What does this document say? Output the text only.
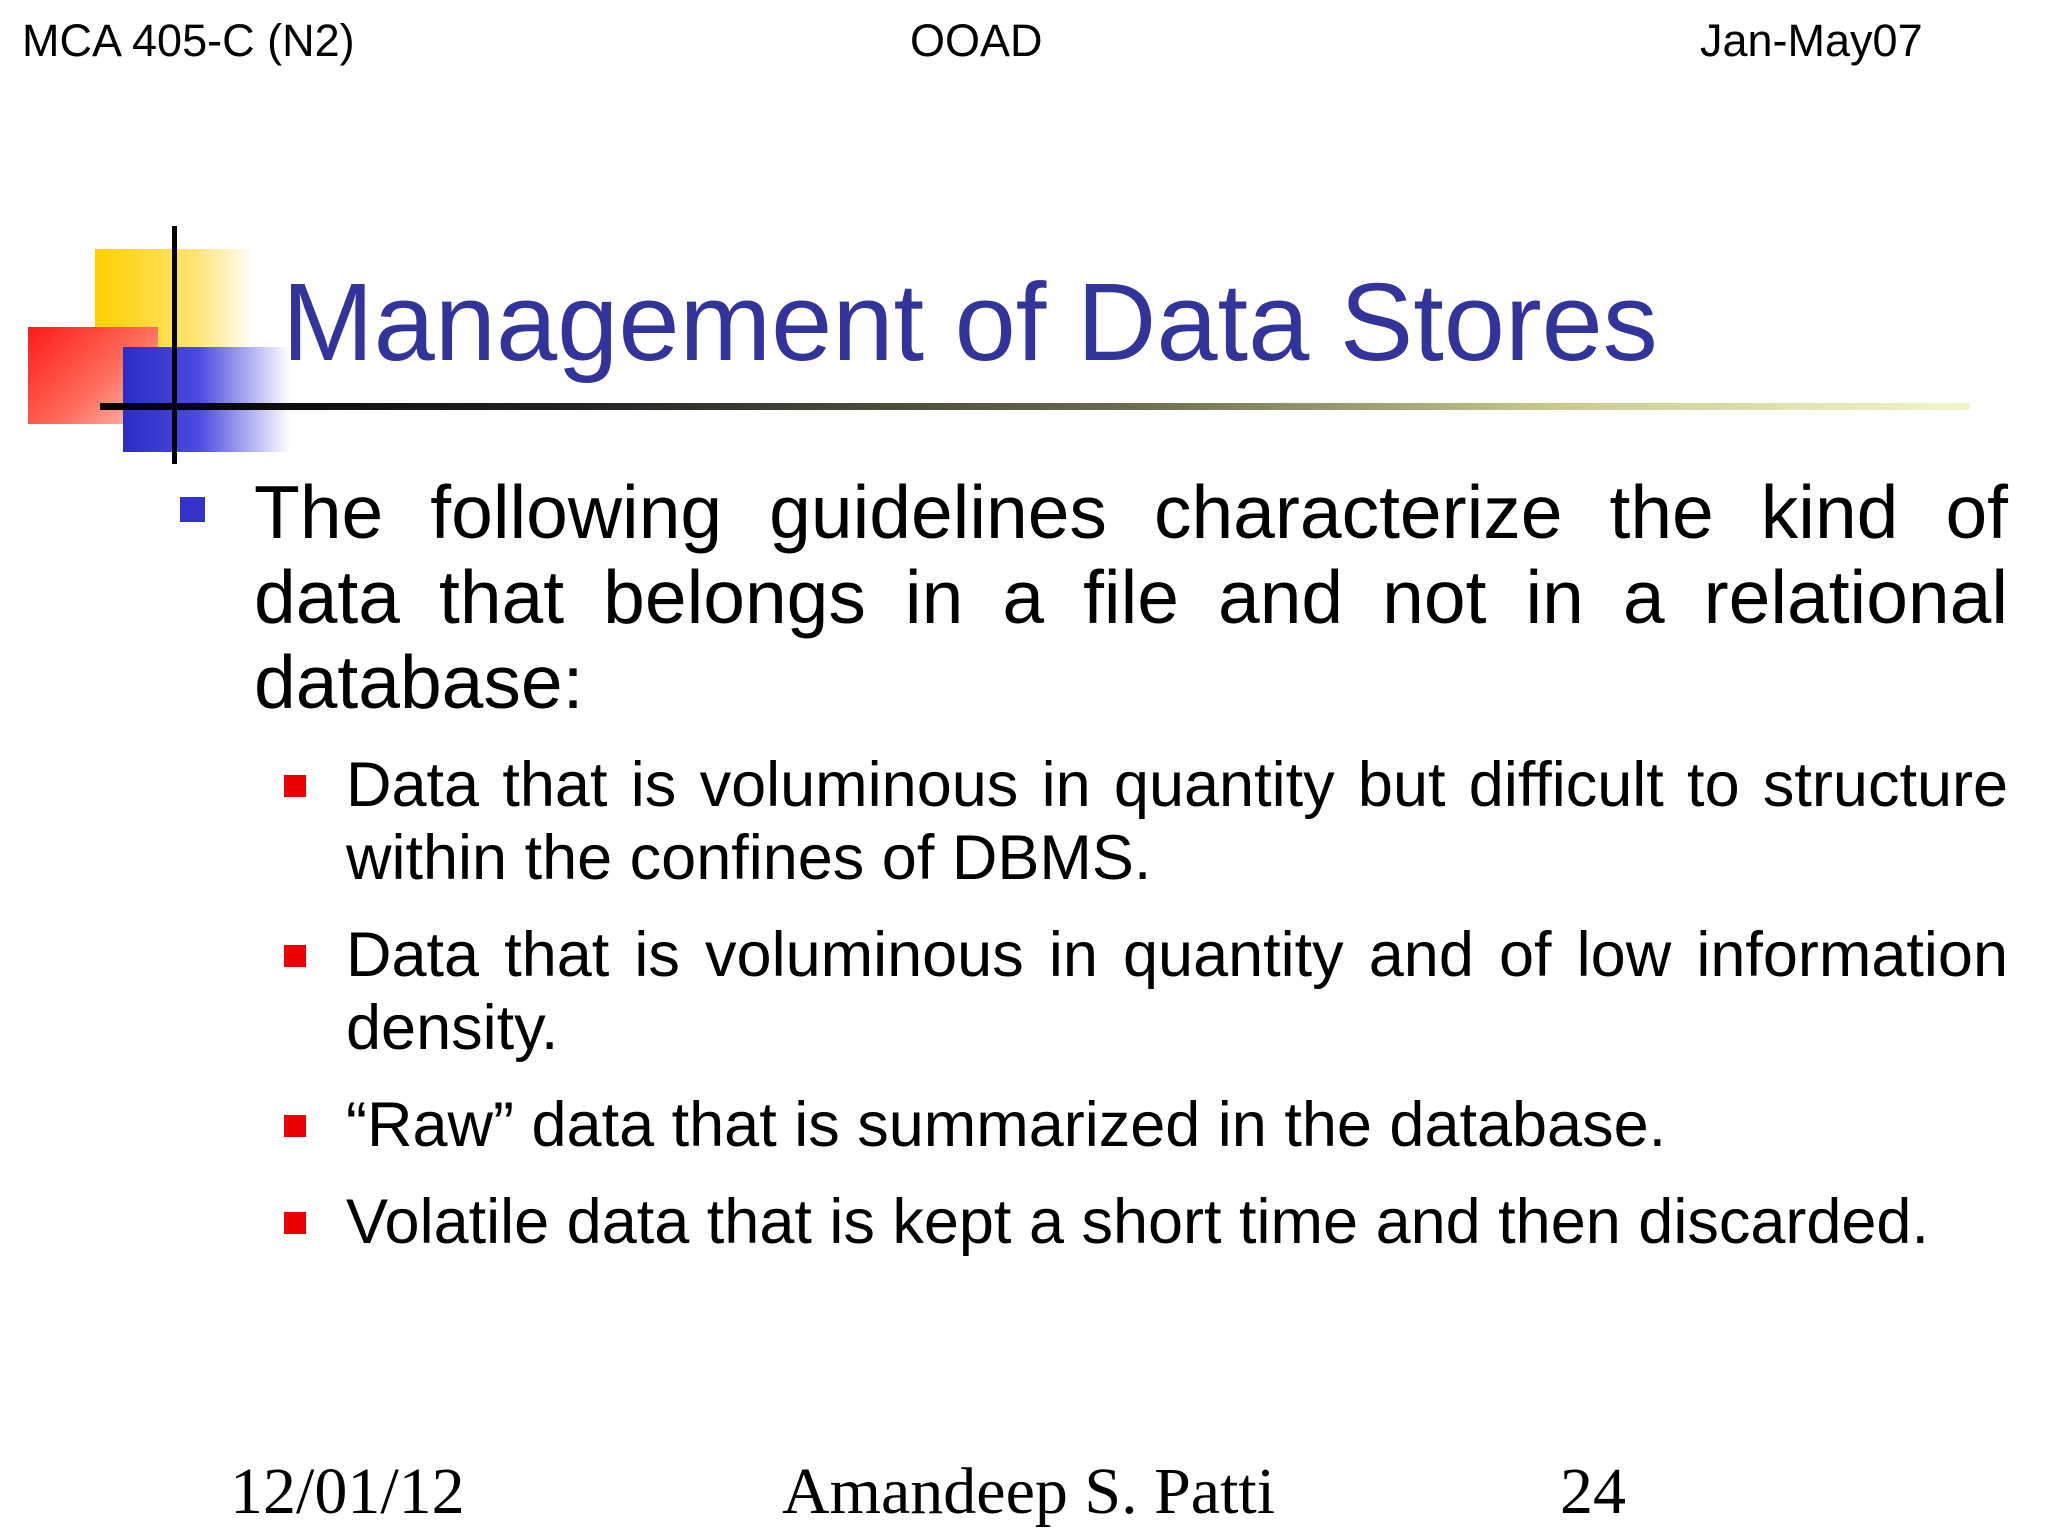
MCA 405-C (N2)	OOAD	Jan-May07
Management of Data Stores
The following guidelines characterize the kind of data that belongs in a file and not in a relational database:
Data that is voluminous in quantity but difficult to structure within the confines of DBMS.
Data that is voluminous in quantity and of low information density.
“Raw” data that is summarized in the database.
Volatile data that is kept a short time and then discarded.
12/01/12	Amandeep S. Patti	24
